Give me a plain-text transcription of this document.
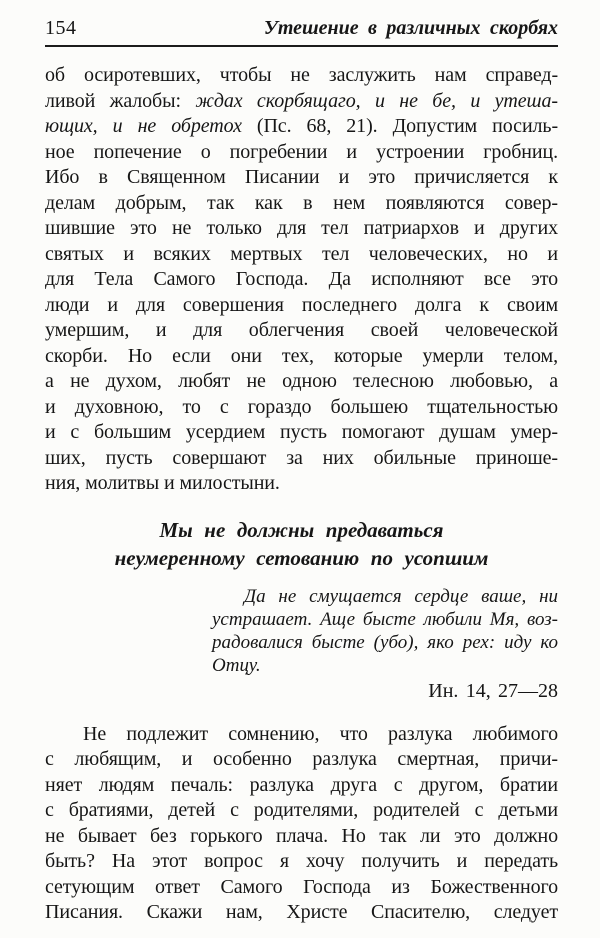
154	Утешение в различных скорбях
об осиротевших, чтобы не заслужить нам справед-
ливой жалобы: ждах скорбящаго, и не бе, и утеша-
ющих, и не обретох (Пс. 68, 21). Допустим посиль-
ное попечение о погребении и устроении гробниц.
Ибо в Священном Писании и это причисляется к
делам добрым, так как в нем появляются совер-
шившие это не только для тел патриархов и других
святых и всяких мертвых тел человеческих, но и
для Тела Самого Господа. Да исполняют все это
люди и для совершения последнего долга к своим
умершим, и для облегчения своей человеческой
скорби. Но если они тех, которые умерли телом,
а не духом, любят не одною телесною любовью, а
и духовною, то с гораздо большею тщательностью
и с большим усердием пусть помогают душам умер-
ших, пусть совершают за них обильные приноше-
ния, молитвы и милостыни.
Мы не должны предаваться
неумеренному сетованию по усопшим
Да не смущается сердце ваше, ни
устрашает. Аще бысте любили Мя, воз-
радовалися бысте (убо), яко рех: иду ко
Отцу.
Ин. 14, 27—28
Не подлежит сомнению, что разлука любимого
с любящим, и особенно разлука смертная, причи-
няет людям печаль: разлука друга с другом, братии
с братиями, детей с родителями, родителей с детьми
не бывает без горького плача. Но так ли это должно
быть? На этот вопрос я хочу получить и передать
сетующим ответ Самого Господа из Божественного
Писания. Скажи нам, Христе Спасителю, следует
